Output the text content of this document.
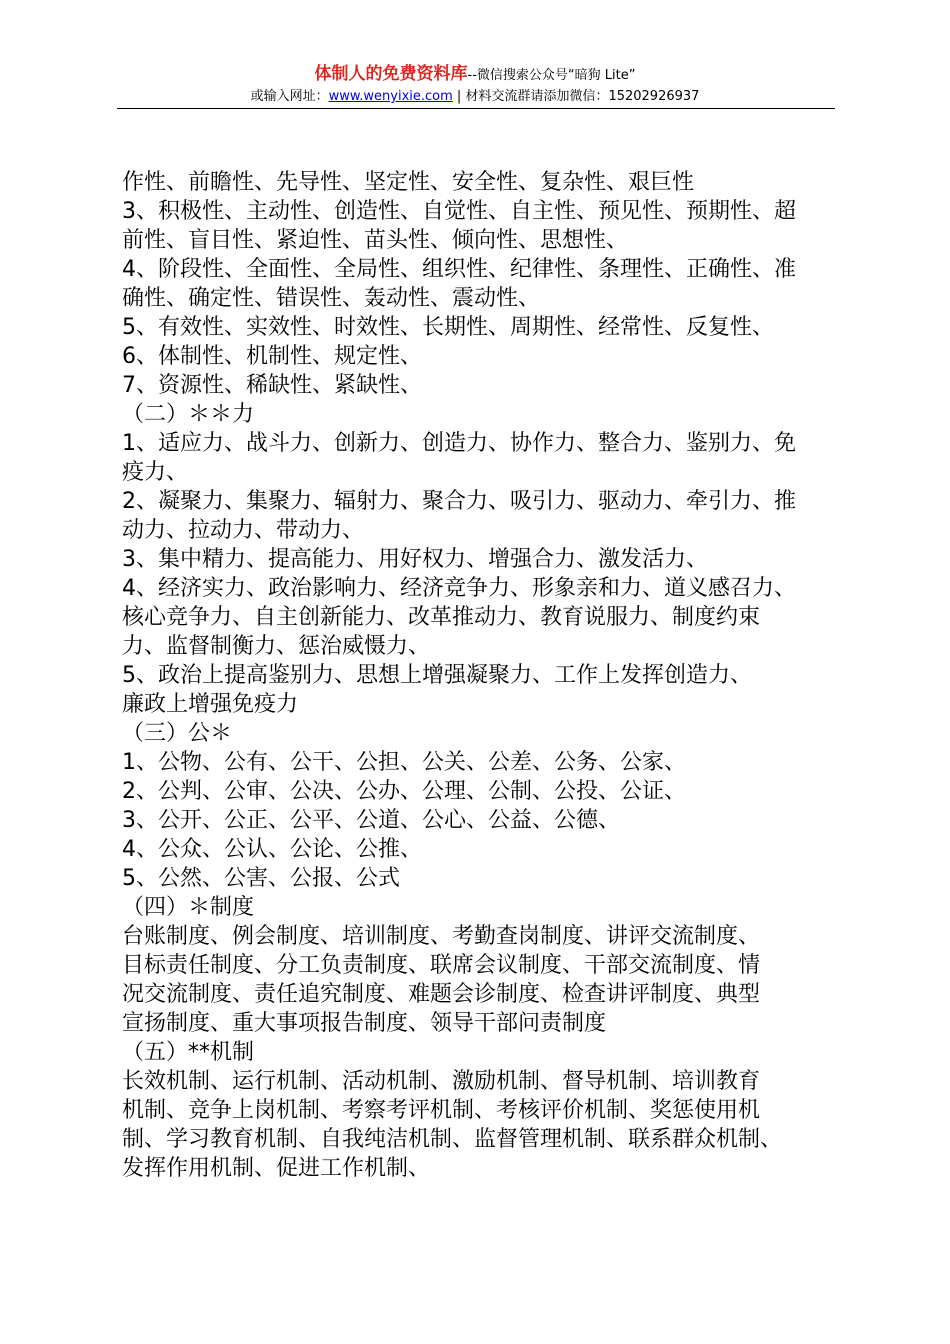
体制人的免费资料库--微信搜索公众号“暗狗 Lite”
或输入网址：www.wenyixie.com | 材料交流群请添加微信：15202926937
作性、前瞻性、先导性、坚定性、安全性、复杂性、艰巨性
3、积极性、主动性、创造性、自觉性、自主性、预见性、预期性、超
前性、盲目性、紧迫性、苗头性、倾向性、思想性、
4、阶段性、全面性、全局性、组织性、纪律性、条理性、正确性、准
确性、确定性、错误性、轰动性、震动性、
5、有效性、实效性、时效性、长期性、周期性、经常性、反复性、
6、体制性、机制性、规定性、
7、资源性、稀缺性、紧缺性、
（二）＊＊力
1、适应力、战斗力、创新力、创造力、协作力、整合力、鉴别力、免
疫力、
2、凝聚力、集聚力、辐射力、聚合力、吸引力、驱动力、牵引力、推
动力、拉动力、带动力、
3、集中精力、提高能力、用好权力、增强合力、激发活力、
4、经济实力、政治影响力、经济竞争力、形象亲和力、道义感召力、
核心竞争力、自主创新能力、改革推动力、教育说服力、制度约束
力、监督制衡力、惩治威慑力、
5、政治上提高鉴别力、思想上增强凝聚力、工作上发挥创造力、
廉政上增强免疫力
（三）公＊
1、公物、公有、公干、公担、公关、公差、公务、公家、
2、公判、公审、公决、公办、公理、公制、公投、公证、
3、公开、公正、公平、公道、公心、公益、公德、
4、公众、公认、公论、公推、
5、公然、公害、公报、公式
（四）＊制度
台账制度、例会制度、培训制度、考勤查岗制度、讲评交流制度、
目标责任制度、分工负责制度、联席会议制度、干部交流制度、情
况交流制度、责任追究制度、难题会诊制度、检查讲评制度、典型
宣扬制度、重大事项报告制度、领导干部问责制度
（五）**机制
长效机制、运行机制、活动机制、激励机制、督导机制、培训教育
机制、竞争上岗机制、考察考评机制、考核评价机制、奖惩使用机
制、学习教育机制、自我纯洁机制、监督管理机制、联系群众机制、
发挥作用机制、促进工作机制、
